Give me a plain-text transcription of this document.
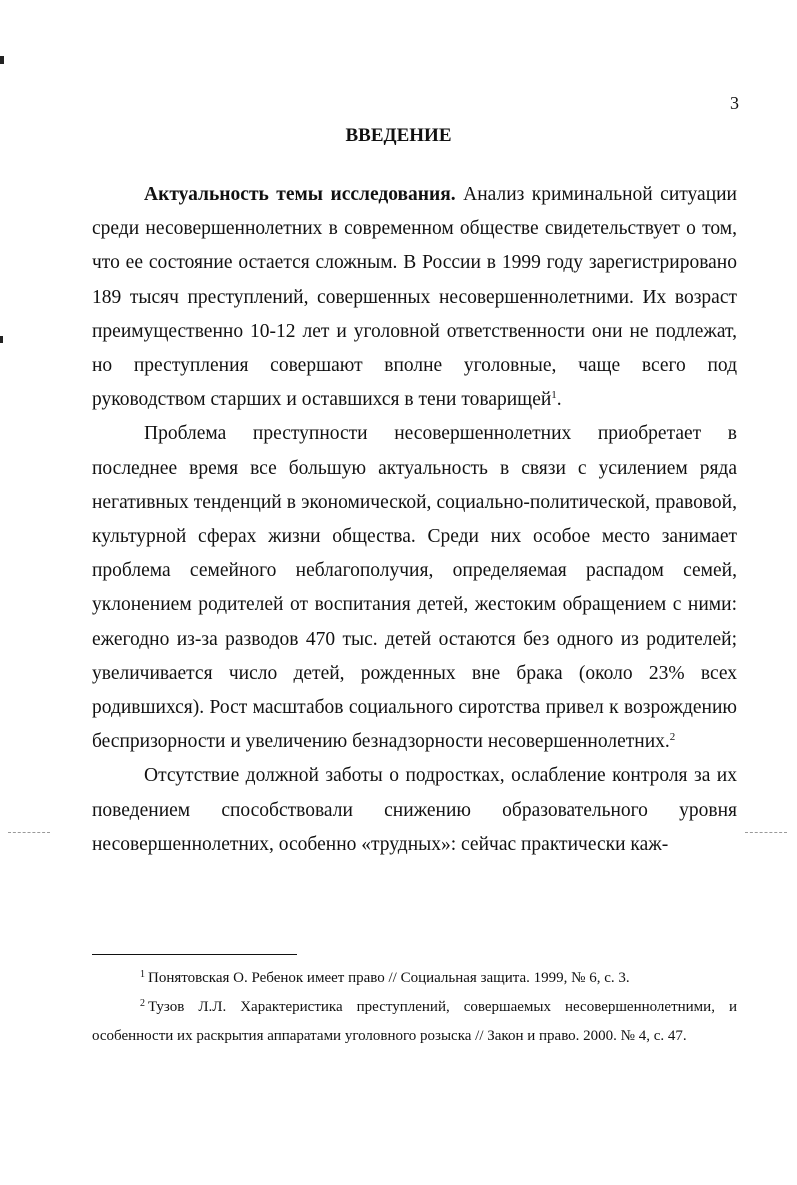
3
ВВЕДЕНИЕ

Актуальность темы исследования. Анализ криминальной ситуации среди несовершеннолетних в современном обществе свидетельствует о том, что ее состояние остается сложным. В России в 1999 году зарегистрировано 189 тысяч преступлений, совершенных несовершеннолетними. Их возраст преимущественно 10-12 лет и уголовной ответственности они не подлежат, но преступления совершают вполне уголовные, чаще всего под руководством старших и оставшихся в тени товарищей$^1$.

Проблема преступности несовершеннолетних приобретает в последнее время все большую актуальность в связи с усилением ряда негативных тенденций в экономической, социально-политической, правовой, культурной сферах жизни общества. Среди них особое место занимает проблема семейного неблагополучия, определяемая распадом семей, уклонением родителей от воспитания детей, жестоким обращением с ними: ежегодно из-за разводов 470 тыс. детей остаются без одного из родителей; увеличивается число детей, рожденных вне брака (около 23% всех родившихся). Рост масштабов социального сиротства привел к возрождению беспризорности и увеличению безнадзорности несовершеннолетних.$^2$

Отсутствие должной заботы о подростках, ослабление контроля за их поведением способствовали снижению образовательного уровня несовершеннолетних, особенно «трудных»: сейчас практически каж-

$^1$ Понятовская О. Ребенок имеет право // Социальная защита. 1999, № 6, с. 3.

$^2$ Тузов Л.Л. Характеристика преступлений, совершаемых несовершеннолетними, и особенности их раскрытия аппаратами уголовного розыска // Закон и право. 2000. № 4, с. 47.
